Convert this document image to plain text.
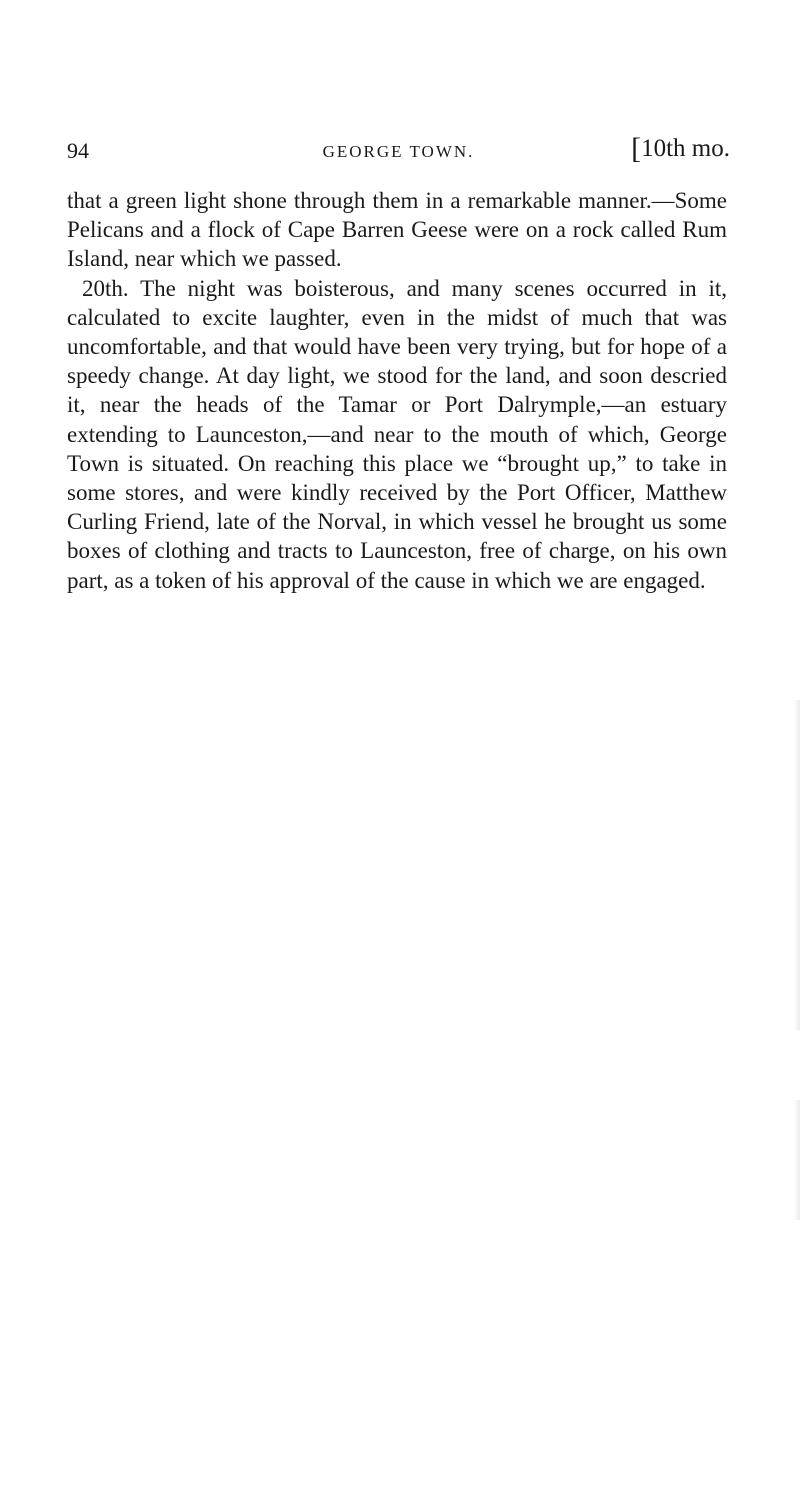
94	GEORGE TOWN.	[10th mo.

that a green light shone through them in a remarkable manner.—Some Pelicans and a flock of Cape Barren Geese were on a rock called Rum Island, near which we passed.

20th. The night was boisterous, and many scenes occurred in it, calculated to excite laughter, even in the midst of much that was uncomfortable, and that would have been very trying, but for hope of a speedy change. At day light, we stood for the land, and soon descried it, near the heads of the Tamar or Port Dalrymple,—an estuary extending to Launceston,—and near to the mouth of which, George Town is situated. On reaching this place we “brought up,” to take in some stores, and were kindly received by the Port Officer, Matthew Curling Friend, late of the Norval, in which vessel he brought us some boxes of clothing and tracts to Launceston, free of charge, on his own part, as a token of his approval of the cause in which we are engaged.
